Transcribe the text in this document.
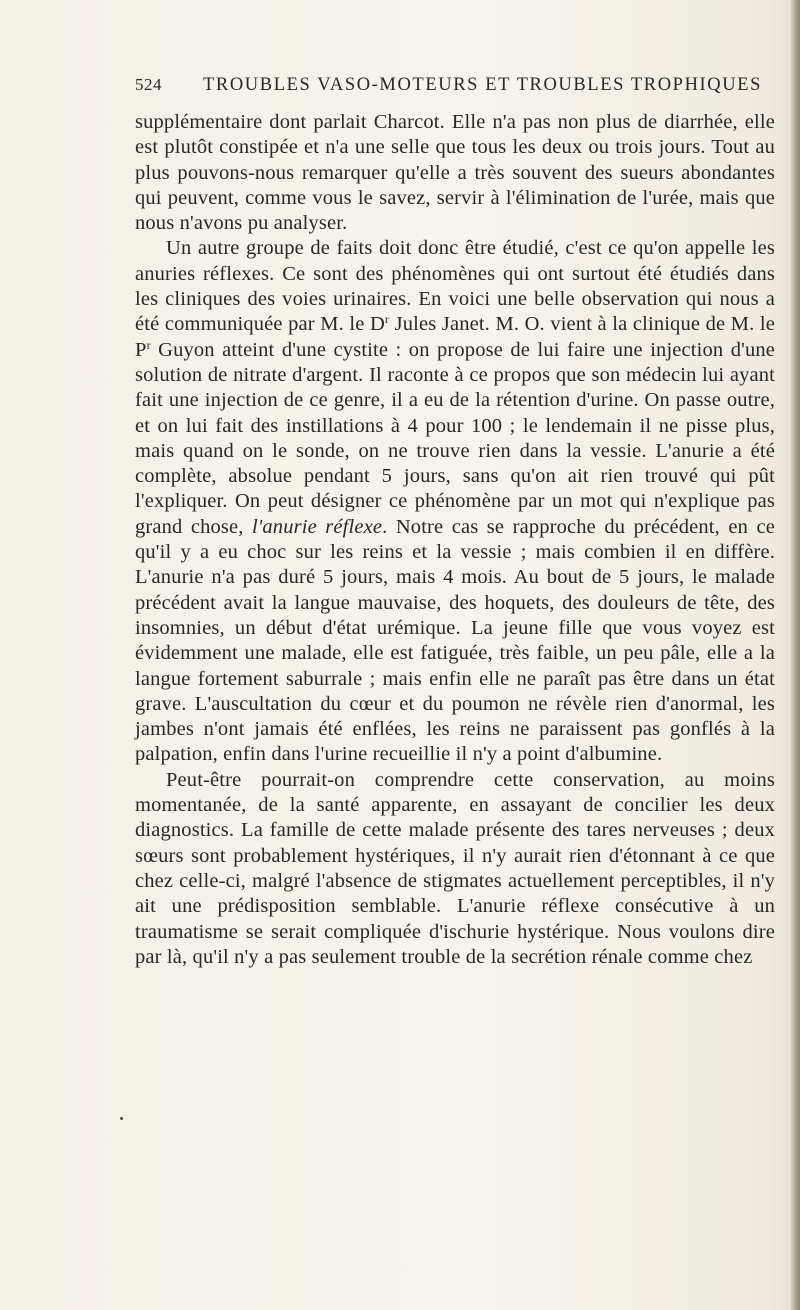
524 TROUBLES VASO-MOTEURS ET TROUBLES TROPHIQUES

supplémentaire dont parlait Charcot. Elle n'a pas non plus de diarrhée, elle est plutôt constipée et n'a une selle que tous les deux ou trois jours. Tout au plus pouvons-nous remarquer qu'elle a très souvent des sueurs abondantes qui peuvent, comme vous le savez, servir à l'élimination de l'urée, mais que nous n'avons pu analyser.

Un autre groupe de faits doit donc être étudié, c'est ce qu'on appelle les anuries réflexes. Ce sont des phénomènes qui ont surtout été étudiés dans les cliniques des voies urinaires. En voici une belle observation qui nous a été communiquée par M. le $D^r$ Jules Janet. M. O. vient à la clinique de M. le $P^r$ Guyon atteint d'une cystite : on propose de lui faire une injection d'une solution de nitrate d'argent. Il raconte à ce propos que son médecin lui ayant fait une injection de ce genre, il a eu de la rétention d'urine. On passe outre, et on lui fait des instillations à 4 pour 100 ; le lendemain il ne pisse plus, mais quand on le sonde, on ne trouve rien dans la vessie. L'anurie a été complète, absolue pendant 5 jours, sans qu'on ait rien trouvé qui pût l'expliquer. On peut désigner ce phénomène par un mot qui n'explique pas grand chose, l'anurie réflexe. Notre cas se rapproche du précédent, en ce qu'il y a eu choc sur les reins et la vessie ; mais combien il en diffère. L'anurie n'a pas duré 5 jours, mais 4 mois. Au bout de 5 jours, le malade précédent avait la langue mauvaise, des hoquets, des douleurs de tête, des insomnies, un début d'état urémique. La jeune fille que vous voyez est évidemment une malade, elle est fatiguée, très faible, un peu pâle, elle a la langue fortement saburrale ; mais enfin elle ne paraît pas être dans un état grave. L'auscultation du cœur et du poumon ne révèle rien d'anormal, les jambes n'ont jamais été enflées, les reins ne paraissent pas gonflés à la palpation, enfin dans l'urine recueillie il n'y a point d'albumine.

Peut-être pourrait-on comprendre cette conservation, au moins momentanée, de la santé apparente, en assayant de concilier les deux diagnostics. La famille de cette malade présente des tares nerveuses ; deux sœurs sont probablement hystériques, il n'y aurait rien d'étonnant à ce que chez celle-ci, malgré l'absence de stigmates actuellement perceptibles, il n'y ait une prédisposition semblable. L'anurie réflexe consécutive à un traumatisme se serait compliquée d'ischurie hystérique. Nous voulons dire par là, qu'il n'y a pas seulement trouble de la secrétion rénale comme chez
